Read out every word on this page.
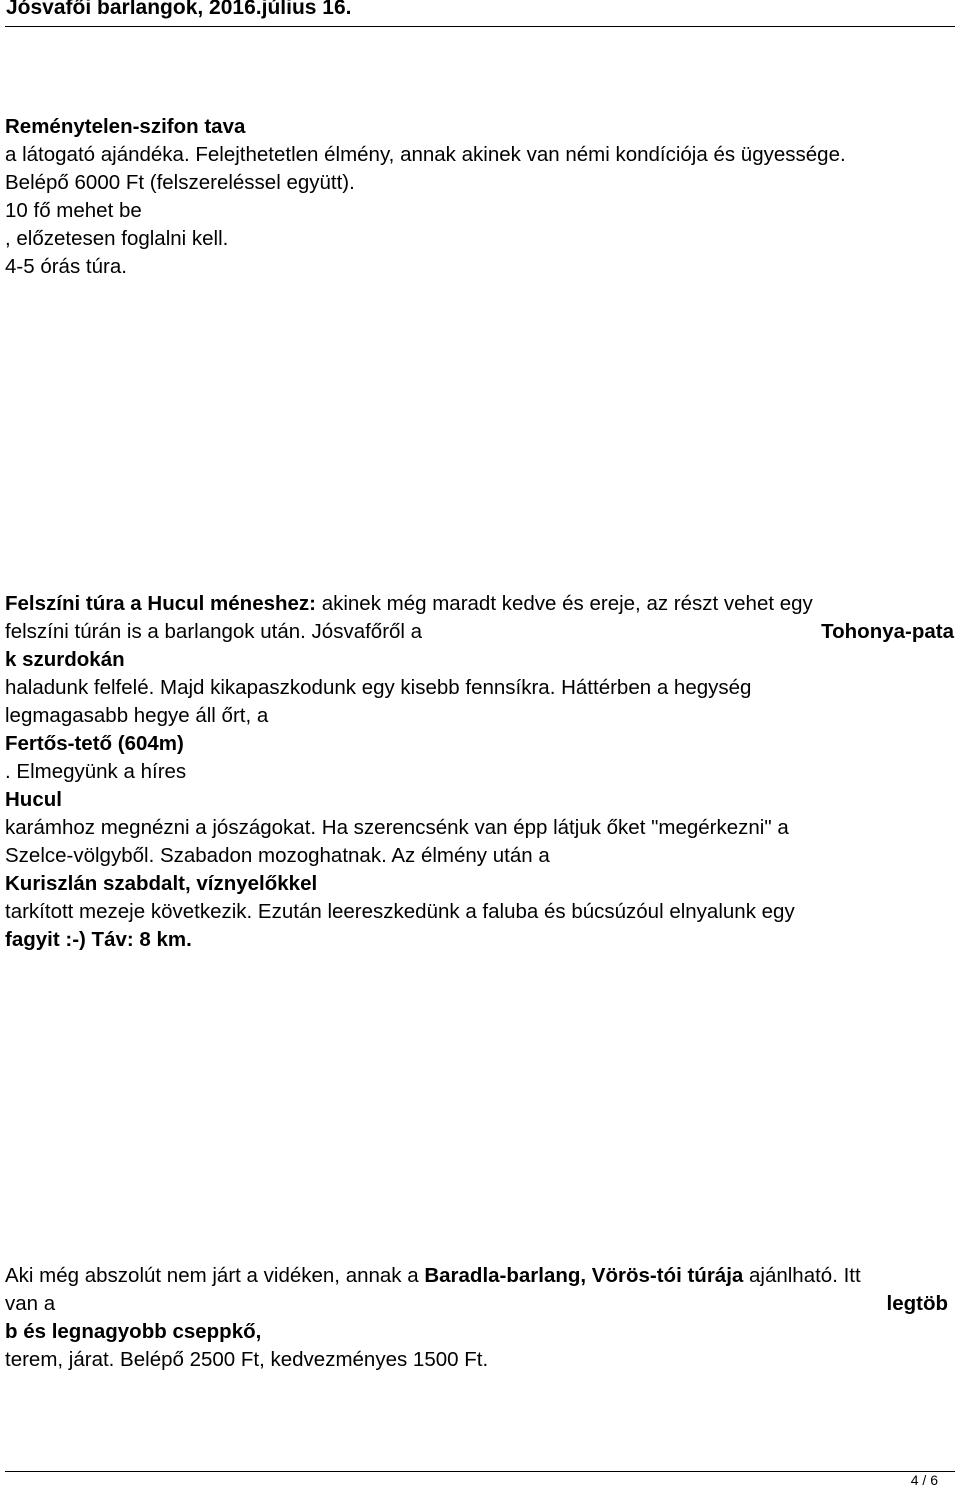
Jósvafői barlangok, 2016.július 16.
Reménytelen-szifon tava
a látogató ajándéka. Felejthetetlen élmény, annak akinek van némi kondíciója és ügyessége.
Belépő 6000 Ft (felszereléssel együtt).
10 fő mehet be
, előzetesen foglalni kell.
4-5 órás túra.
Felszíni túra a Hucul méneshez: akinek még maradt kedve és ereje, az részt vehet egy
felszíni túrán is a barlangok után. Jósvafőről a	Tohonya-pata
k szurdokán
haladunk felfelé. Majd kikapaszkodunk egy kisebb fennsíkra. Háttérben a hegység
legmagasabb hegye áll őrt, a
Fertős-tető (604m)
. Elmegyünk a híres
Hucul
karámhoz megnézni a jószágokat. Ha szerencsénk van épp látjuk őket "megérkezni" a
Szelce-völgyből. Szabadon mozoghatnak. Az élmény után a
Kuriszlán szabdalt, víznyelőkkel
tarkított mezeje következik. Ezután leereszkedünk a faluba és búcsúzóul elnyalunk egy
fagyit :-) Táv: 8 km.
Aki még abszolút nem járt a vidéken, annak a Baradla-barlang, Vörös-tói túrája ajánlható. Itt
van a	legtöb
b és legnagyobb cseppkő,
terem, járat. Belépő 2500 Ft, kedvezményes 1500 Ft.
4 / 6
